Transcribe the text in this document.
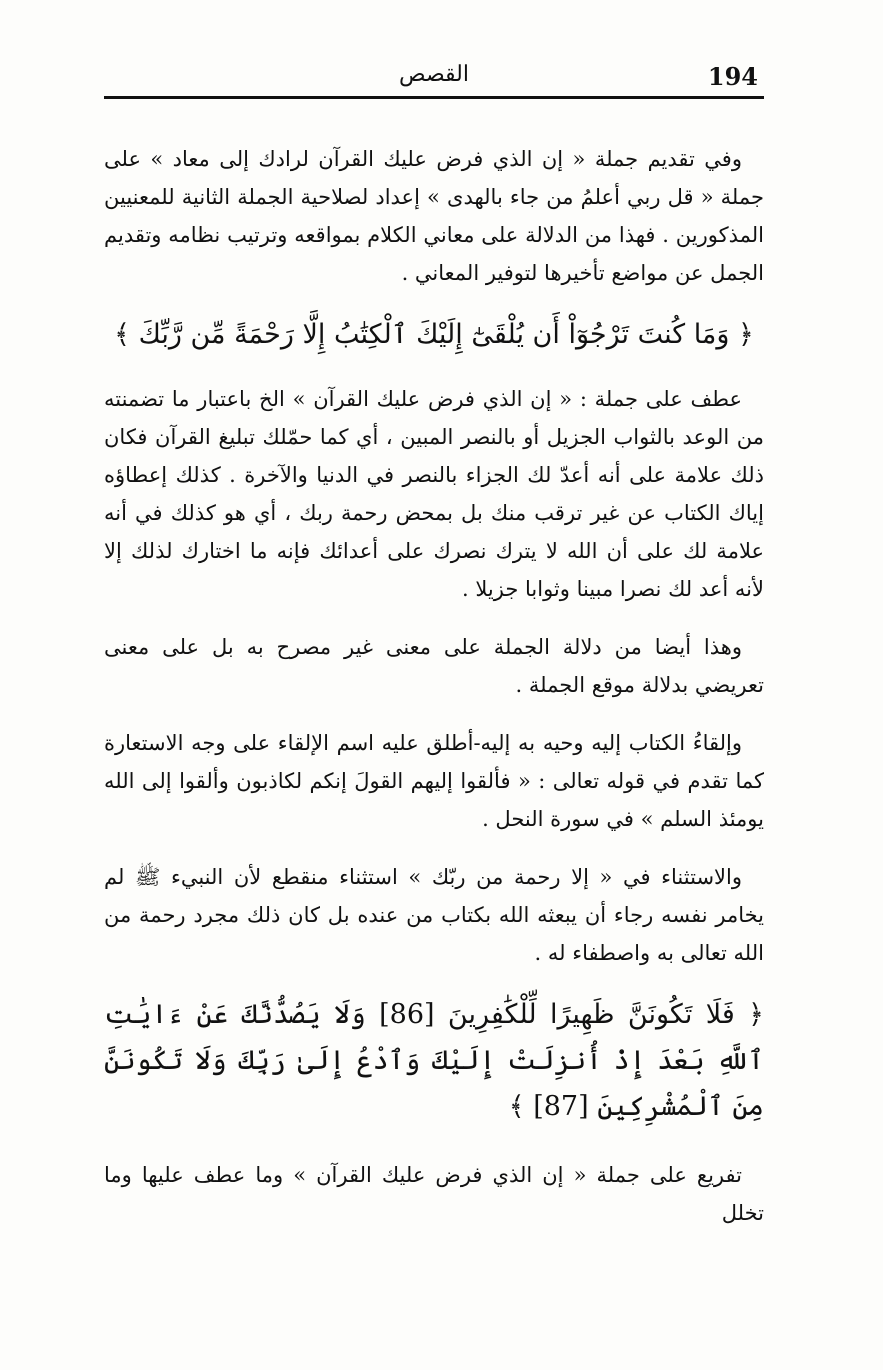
194
القصص

وفي تقديم جملة « إن الذي فرض عليك القرآن لرادك إلى معاد » على جملة « قل ربي أعلمُ من جاء بالهدى » إعداد لصلاحية الجملة الثانية للمعنيين المذكورين . فهذا من الدلالة على معاني الكلام بمواقعه وترتيب نظامه وتقديم الجمل عن مواضع تأخيرها لتوفير المعاني .

﴿ وَمَا كُنتَ تَرْجُوٓاْ أَن يُلْقَىٰٓ إِلَيْكَ ٱلْكِتَٰبُ إِلَّا رَحْمَةً مِّن رَّبِّكَ ﴾

عطف على جملة : « إن الذي فرض عليك القرآن » الخ باعتبار ما تضمنته من الوعد بالثواب الجزيل أو بالنصر المبين ، أي كما حمّلك تبليغ القرآن فكان ذلك علامة على أنه أعدّ لك الجزاء بالنصر في الدنيا والآخرة . كذلك إعطاؤه إياك الكتاب عن غير ترقب منك بل بمحض رحمة ربك ، أي هو كذلك في أنه علامة لك على أن الله لا يترك نصرك على أعدائك فإنه ما اختارك لذلك إلا لأنه أعد لك نصرا مبينا وثوابا جزيلا .

وهذا أيضا من دلالة الجملة على معنى غير مصرح به بل على معنى تعريضي بدلالة موقع الجملة .

وإلقاءُ الكتاب إليه وحيه به إليه-أطلق عليه اسم الإلقاء على وجه الاستعارة كما تقدم في قوله تعالى : « فألقوا إليهم القولَ إنكم لكاذبون وألقوا إلى الله يومئذ السلم » في سورة النحل .

والاستثناء في « إلا رحمة من ربّك » استثناء منقطع لأن النبيء ﷺ لم يخامر نفسه رجاء أن يبعثه الله بكتاب من عنده بل كان ذلك مجرد رحمة من الله تعالى به واصطفاء له .

﴿ فَلَا تَكُونَنَّ ظَهِيرًا لِّلْكَٰفِرِينَ [86] وَلَا يَصُدُّنَّكَ عَنْ ءَايَٰتِ ٱللَّهِ بَعْدَ إِذْ أُنزِلَتْ إِلَيْكَ وَٱدْعُ إِلَىٰ رَبِّكَ وَلَا تَكُونَنَّ مِنَ ٱلْمُشْرِكِينَ [87] ﴾

تفريع على جملة « إن الذي فرض عليك القرآن » وما عطف عليها وما تخلل
